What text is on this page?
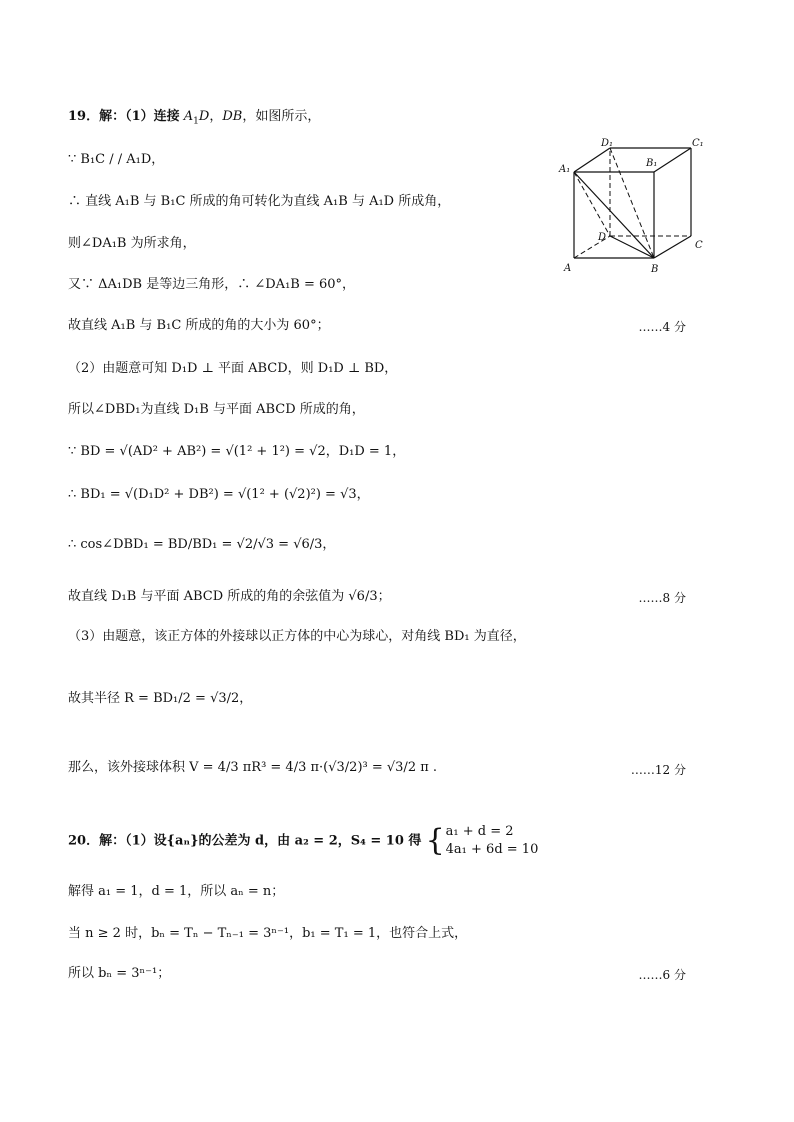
19．解：（1）连接 $A_1D$，DB，如图所示，
∵ B₁C / / A₁D，
∴ 直线 A₁B 与 B₁C 所成的角可转化为直线 A₁B 与 A₁D 所成角，
则∠DA₁B 为所求角，
又∵ ΔA₁DB 是等边三角形，∴ ∠DA₁B = 60°，
故直线 A₁B 与 B₁C 所成的角的大小为 60°；	……4 分
（2）由题意可知 D₁D ⊥ 平面 ABCD，则 D₁D ⊥ BD，
所以∠DBD₁为直线 D₁B 与平面 ABCD 所成的角，
∵ BD = √(AD² + AB²) = √(1² + 1²) = √2，D₁D = 1，
∴ BD₁ = √(D₁D² + DB²) = √(1² + (√2)²) = √3，
∴ cos∠DBD₁ = BD/BD₁ = √2/√3 = √6/3，
故直线 D₁B 与平面 ABCD 所成的角的余弦值为 √6/3；	……8 分
（3）由题意，该正方体的外接球以正方体的中心为球心，对角线 BD₁ 为直径，
故其半径 R = BD₁/2 = √3/2，
那么，该外接球体积 V = 4/3 πR³ = 4/3 π·(√3/2)³ = √3/2 π .	……12 分
20．解：（1）设{aₙ}的公差为 d，由 a₂ = 2，S₄ = 10 得 { a₁ + d = 2
4a₁ + 6d = 10
解得 a₁ = 1，d = 1，所以 aₙ = n；
当 n ≥ 2 时，bₙ = Tₙ − Tₙ₋₁ = 3ⁿ⁻¹，b₁ = T₁ = 1，也符合上式，
所以 bₙ = 3ⁿ⁻¹；	……6 分
A	B
C
D
A₁
B₁
C₁
D₁
